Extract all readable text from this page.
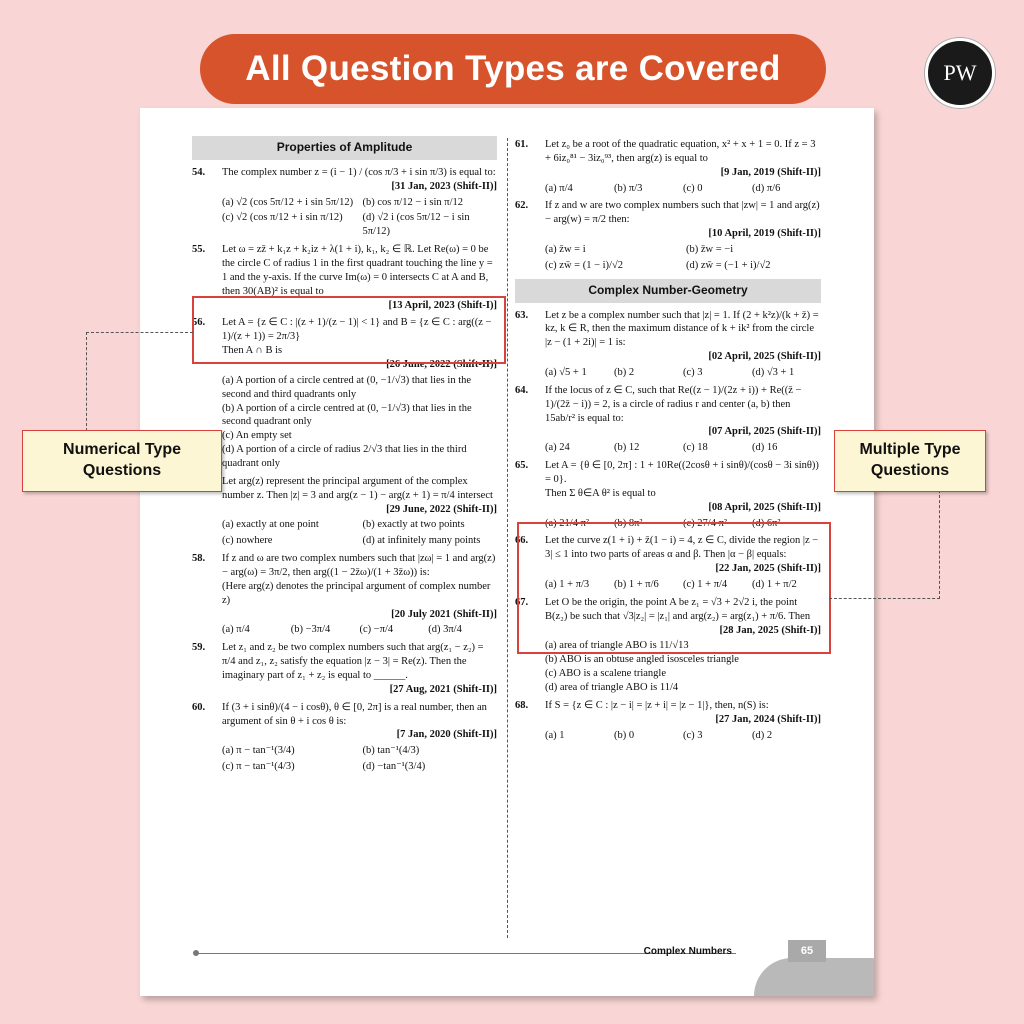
All Question Types are Covered	PW
Properties of Amplitude
54.	The complex number z = (i − 1) / (cos π/3 + i sin π/3) is equal to:
[31 Jan, 2023 (Shift-II)]
(a) √2 (cos 5π/12 + i sin 5π/12) (b) cos π/12 − i sin π/12
(c) √2 (cos π/12 + i sin π/12)	(d) √2 i (cos 5π/12 − i sin 5π/12)
55.	Let ω = zz̄ + k₁z + k₂iz + λ(1 + i), k₁, k₂ ∈ ℝ. Let Re(ω) = 0 be the circle C of radius 1 in the first quadrant touching the line y = 1 and the y-axis. If the curve Im(ω) = 0 intersects C at A and B, then 30(AB)² is equal to
[13 April, 2023 (Shift-I)]
56.	Let A = {z ∈ C : |(z + 1)/(z − 1)| < 1} and B = {z ∈ C : arg((z − 1)/(z + 1)) = 2π/3}
Then A ∩ B is
[26 June, 2022 (Shift-II)]
(a) A portion of a circle centred at (0, −1/√3) that lies in the second and third quadrants only
(b) A portion of a circle centred at (0, −1/√3) that lies in the second quadrant only
(c) An empty set
(d) A portion of a circle of radius 2/√3 that lies in the third quadrant only
Let arg(z) represent the principal argument of the complex number z. Then |z| = 3 and arg(z − 1) − arg(z + 1) = π/4 intersect
[29 June, 2022 (Shift-II)]
(a) exactly at one point	(b) exactly at two points
(c) nowhere	(d) at infinitely many points
58.	If z and ω are two complex numbers such that |zω| = 1 and arg(z) − arg(ω) = 3π/2, then arg((1 − 2z̄ω)/(1 + 3z̄ω)) is:
(Here arg(z) denotes the principal argument of complex number z)
[20 July 2021 (Shift-II)]
(a) π/4	(b) −3π/4	(c) −π/4	(d) 3π/4
59.	Let z₁ and z₂ be two complex numbers such that arg(z₁ − z₂) = π/4 and z₁, z₂ satisfy the equation |z − 3| = Re(z). Then the imaginary part of z₁ + z₂ is equal to ______.
[27 Aug, 2021 (Shift-II)]
60.	If (3 + i sinθ)/(4 − i cosθ), θ ∈ [0, 2π] is a real number, then an argument of sin θ + i cos θ is:
[7 Jan, 2020 (Shift-II)]
(a) π − tan⁻¹(3/4)	(b) tan⁻¹(4/3)
(c) π − tan⁻¹(4/3)	(d) −tan⁻¹(3/4)
61.	Let z₀ be a root of the quadratic equation, x² + x + 1 = 0. If z = 3 + 6iz₀⁸¹ − 3iz₀⁹³, then arg(z) is equal to
[9 Jan, 2019 (Shift-II)]
(a) π/4	(b) π/3	(c) 0	(d) π/6
62.	If z and w are two complex numbers such that |zw| = 1 and arg(z) − arg(w) = π/2 then:
[10 April, 2019 (Shift-II)]
(a) z̄w = i	(b) z̄w = −i
(c) zw̄ = (1 − i)/√2	(d) zw̄ = (−1 + i)/√2
Complex Number-Geometry
63.	Let z be a complex number such that |z| = 1. If (2 + k²z)/(k + z̄) = kz, k ∈ R, then the maximum distance of k + ik² from the circle |z − (1 + 2i)| = 1 is:
[02 April, 2025 (Shift-II)]
(a) √5 + 1	(b) 2	(c) 3	(d) √3 + 1
64.	If the locus of z ∈ C, such that Re((z − 1)/(2z + i)) + Re((z̄ − 1)/(2z̄ − i)) = 2, is a circle of radius r and center (a, b) then 15ab/r² is equal to:
[07 April, 2025 (Shift-II)]
(a) 24	(b) 12	(c) 18	(d) 16
65.	Let A = {θ ∈ [0, 2π] : 1 + 10Re((2cosθ + i sinθ)/(cosθ − 3i sinθ)) = 0}.
Then Σ θ∈A θ² is equal to
[08 April, 2025 (Shift-II)]
(a) 21/4 π²	(b) 8π²	(c) 27/4 π²	(d) 6π²
66.	Let the curve z(1 + i) + z̄(1 − i) = 4, z ∈ C, divide the region |z − 3| ≤ 1 into two parts of areas α and β. Then |α − β| equals:
[22 Jan, 2025 (Shift-II)]
(a) 1 + π/3	(b) 1 + π/6	(c) 1 + π/4	(d) 1 + π/2
67.	Let O be the origin, the point A be z₁ = √3 + 2√2 i, the point B(z₂) be such that √3|z₂| = |z₁| and arg(z₂) = arg(z₁) + π/6. Then
[28 Jan, 2025 (Shift-I)]
(a) area of triangle ABO is 11/√13
(b) ABO is an obtuse angled isosceles triangle
(c) ABO is a scalene triangle
(d) area of triangle ABO is 11/4
68.	If S = {z ∈ C : |z − i| = |z + i| = |z − 1|}, then, n(S) is:
[27 Jan, 2024 (Shift-II)]
(a) 1	(b) 0	(c) 3	(d) 2
Complex Numbers	65
Numerical Type Questions
Multiple Type Questions
